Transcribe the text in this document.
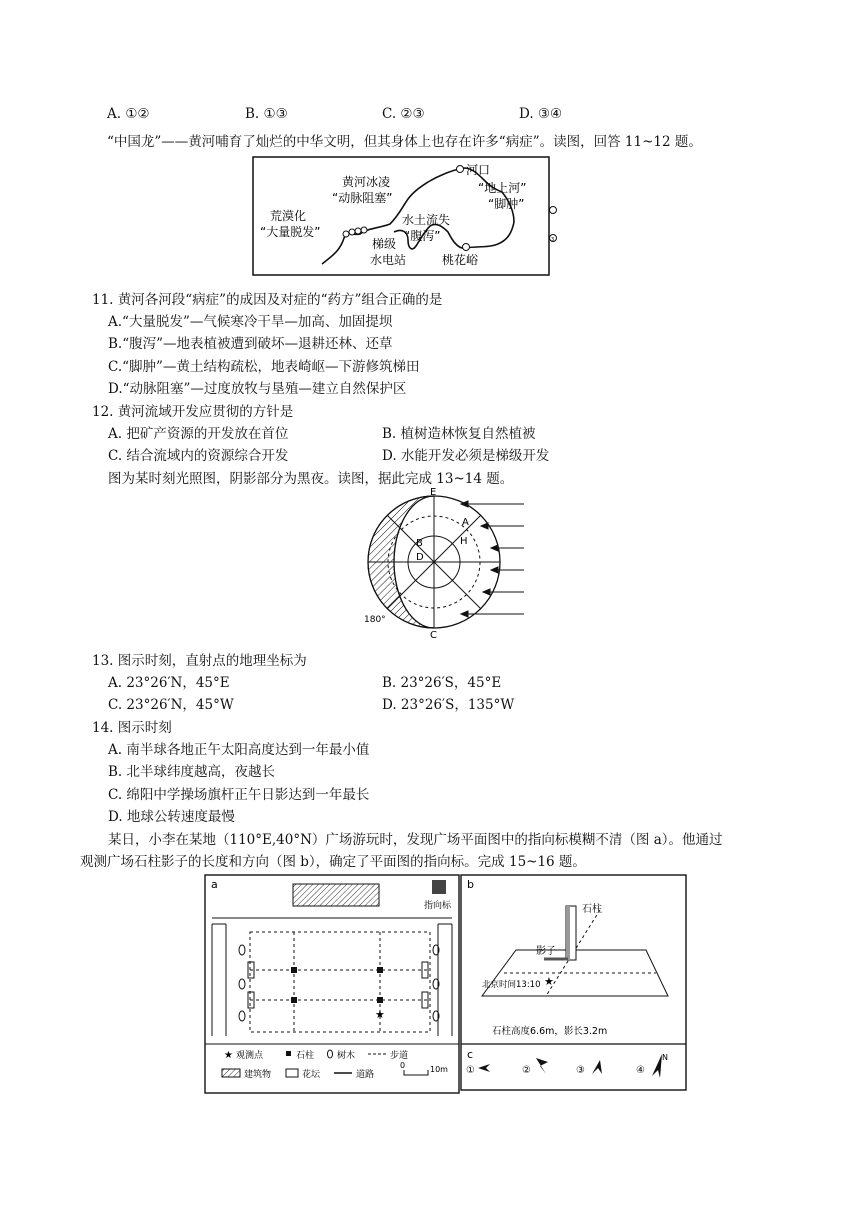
A. ①②	B. ①③	C. ②③	D. ③④
“中国龙”——黄河哺育了灿烂的中华文明，但其身体上也存在许多“病症”。读图，回答 11~12 题。
黄河冰凌
“动脉阻塞”
河口
“地上河”
“脚肿”
荒漠化
“大量脱发”
水土流失
“腹泻”
梯级
水电站	桃花峪
3
11. 黄河各河段“病症”的成因及对症的“药方”组合正确的是
A.“大量脱发”—气候寒冷干旱—加高、加固提坝
B.“腹泻”—地表植被遭到破坏—退耕还林、还草
C.“脚肿”—黄土结构疏松，地表崎岖—下游修筑梯田
D.“动脉阻塞”—过度放牧与垦殖—建立自然保护区
12. 黄河流域开发应贯彻的方针是
A. 把矿产资源的开发放在首位	B. 植树造林恢复自然植被
C. 结合流域内的资源综合开发	D. 水能开发必须是梯级开发
图为某时刻光照图，阴影部分为黑夜。读图，据此完成 13~14 题。
E
A
H
B
D
C
180°
13. 图示时刻，直射点的地理坐标为
A. 23°26′N，45°E	B. 23°26′S，45°E
C. 23°26′N，45°W	D. 23°26′S，135°W
14. 图示时刻
A. 南半球各地正午太阳高度达到一年最小值
B. 北半球纬度越高，夜越长
C. 绵阳中学操场旗杆正午日影达到一年最长
D. 地球公转速度最慢
某日，小李在某地（110°E,40°N）广场游玩时，发现广场平面图中的指向标模糊不清（图 a）。他通过
观测广场石柱影子的长度和方向（图 b），确定了平面图的指向标。完成 15~16 题。
a
指向标
★
★ 观测点	石柱	树木	步道
建筑物	花坛	道路
0	10m
b
石柱
影子
★
北京时间13:10
石柱高度6.6m，影长3.2m
c
①	②	③	④
N
